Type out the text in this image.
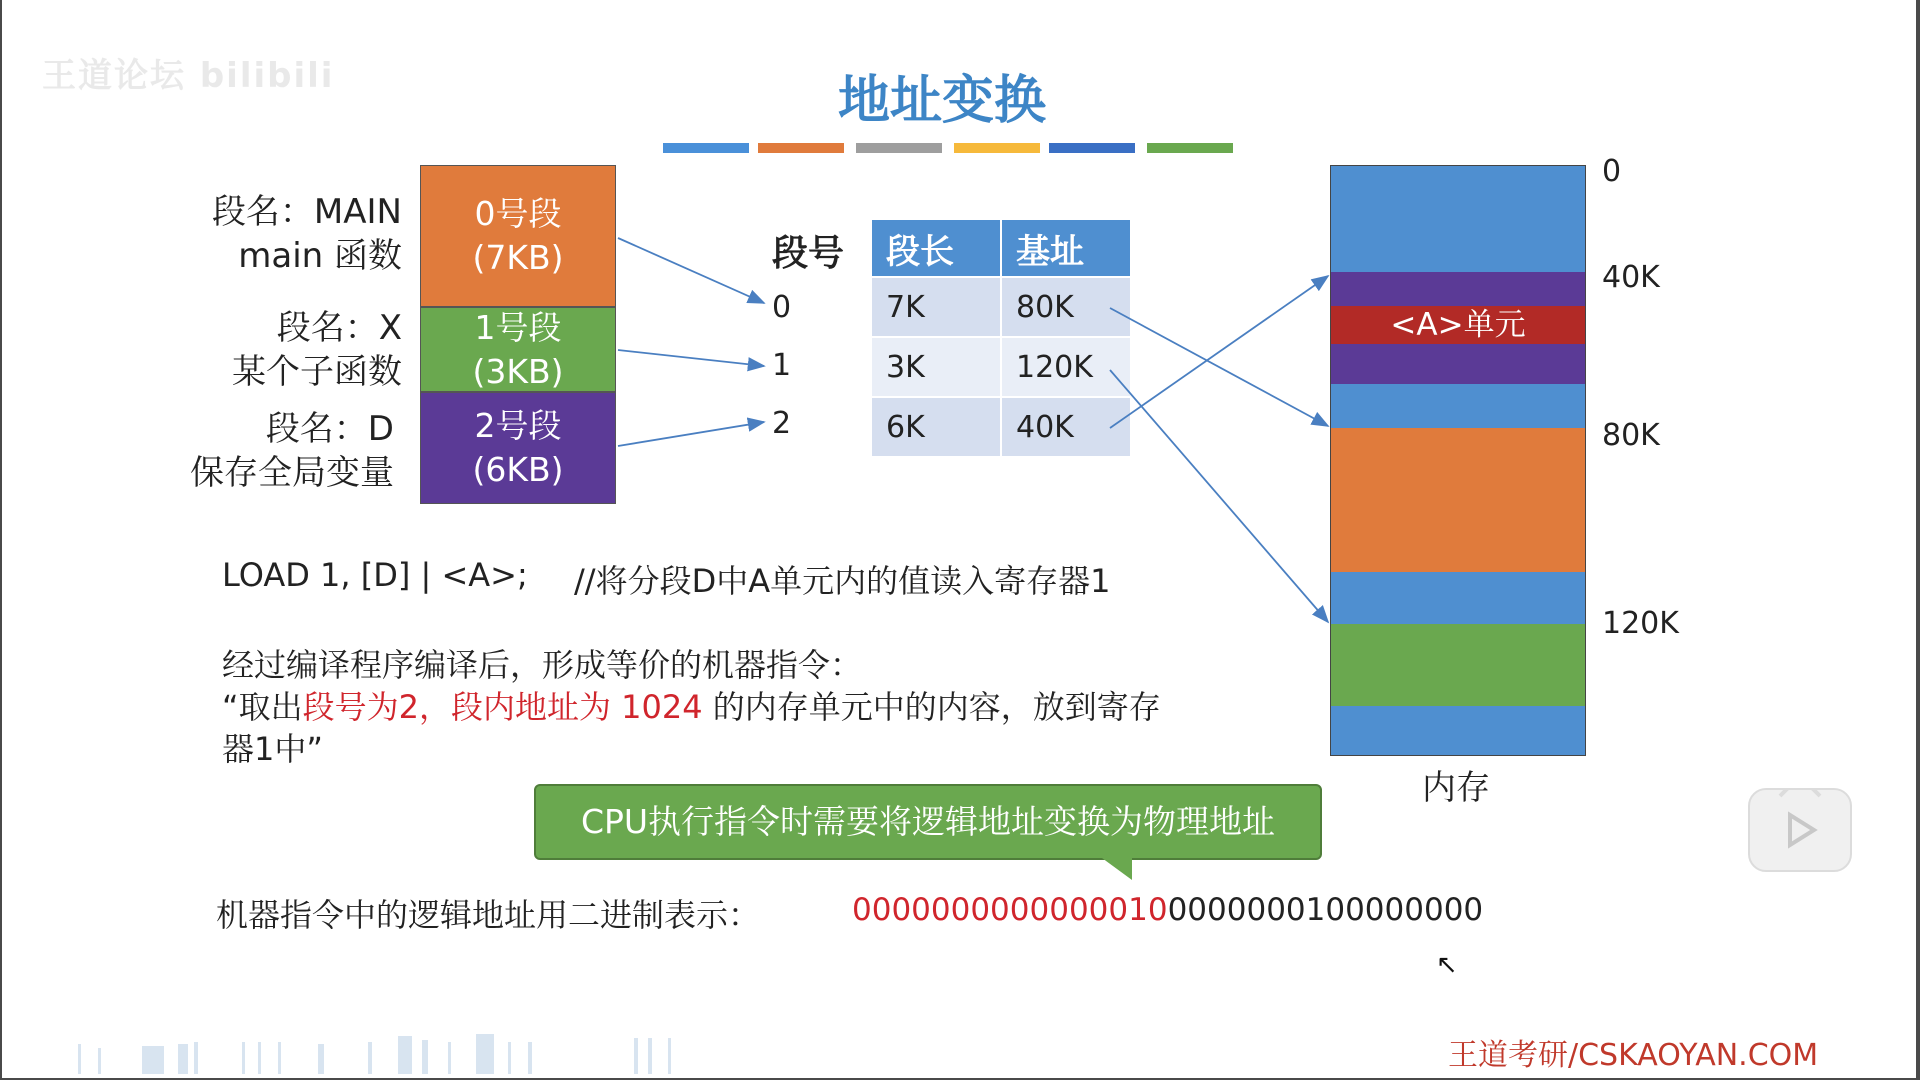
王道论坛 bilibili	地址变换
段名：MAIN
main 函数
段名：X
某个子函数
段名：D
保存全局变量
0号段
(7KB)
1号段
(3KB)
2号段
(6KB)
段号
0
1
2
段长	基址
7K	80K
3K	120K
6K	40K
<A>单元
内存
0
40K
80K
120K
LOAD 1, [D] | <A>; //将分段D中A单元内的值读入寄存器1
经过编译程序编译后，形成等价的机器指令：
“取出段号为2，段内地址为 1024 的内存单元中的内容，放到寄存
器1中”
CPU执行指令时需要将逻辑地址变换为物理地址
机器指令中的逻辑地址用二进制表示：	00000000000000100000000100000000
↖
王道考研/CSKAOYAN.COM
